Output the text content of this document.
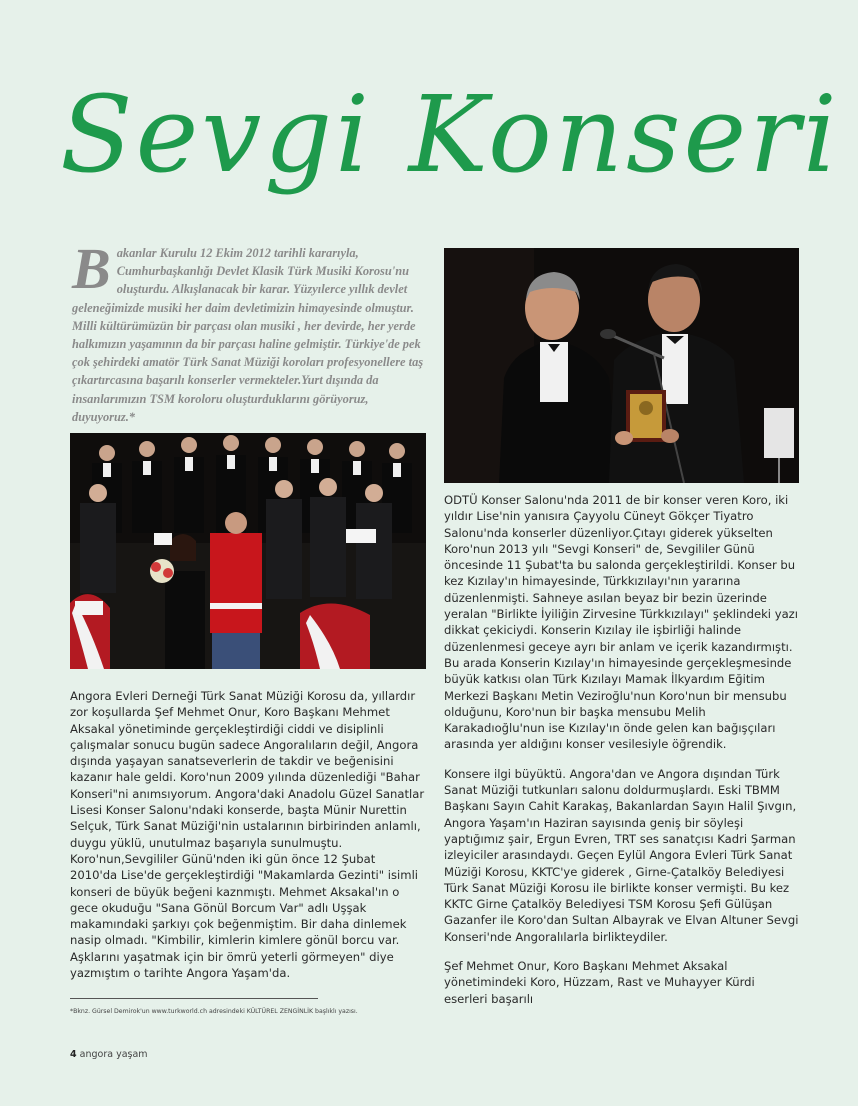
Sevgi Konseri
Bakanlar Kurulu 12 Ekim 2012 tarihli kararıyla, Cumhurbaşkanlığı Devlet Klasik Türk Musiki Korosu'nu oluşturdu. Alkışlanacak bir karar. Yüzyılerce yıllık devlet geleneğimizde musiki her daim devletimizin himayesinde olmuştur. Milli kültürümüzün bir parçası olan musiki , her devirde, her yerde halkımızın yaşamının da bir parçası haline gelmiştir. Türkiye'de pek çok şehirdeki amatör Türk Sanat Müziği koroları profesyonellere taş çıkartırcasına başarılı konserler vermekteler.Yurt dışında da insanlarımızın TSM koroloru oluşturduklarını görüyoruz, duyuyoruz.*

Angora Evleri Derneği Türk Sanat Müziği Korosu da, yıllardır zor koşullarda Şef Mehmet Onur, Koro Başkanı Mehmet Aksakal yönetiminde gerçekleştirdiği ciddi ve disiplinli çalışmalar sonucu bugün sadece Angoralıların değil, Angora dışında yaşayan sanatseverlerin de takdir ve beğenisini kazanır hale geldi. Koro'nun 2009 yılında düzenlediği "Bahar Konseri"ni anımsıyorum. Angora'daki Anadolu Güzel Sanatlar Lisesi Konser Salonu'ndaki konserde, başta Münir Nurettin Selçuk, Türk Sanat Müziği'nin ustalarının birbirinden anlamlı, duygu yüklü, unutulmaz başarıyla sunulmuştu. Koro'nun,Sevgililer Günü'nden iki gün önce 12 Şubat 2010'da Lise'de gerçekleştirdiği "Makamlarda Gezinti" isimli konseri de büyük beğeni kaznmıştı. Mehmet Aksakal'ın o gece okuduğu "Sana Gönül Borcum Var" adlı Uşşak makamındaki şarkıyı çok beğenmiştim. Bir daha dinlemek nasip olmadı. "Kimbilir, kimlerin kimlere gönül borcu var. Aşklarını yaşatmak için bir ömrü yeterli görmeyen" diye yazmıştım o tarihte Angora Yaşam'da.

ODTÜ Konser Salonu'nda 2011 de bir konser veren Koro, iki yıldır Lise'nin yanısıra Çayyolu Cüneyt Gökçer Tiyatro Salonu'nda konserler düzenliyor.Çıtayı giderek yükselten Koro'nun 2013 yılı "Sevgi Konseri" de, Sevgililer Günü öncesinde 11 Şubat'ta bu salonda gerçekleştirildi. Konser bu kez Kızılay'ın himayesinde, Türkkızılayı'nın yararına düzenlenmişti. Sahneye asılan beyaz bir bezin üzerinde yeralan "Birlikte İyiliğin Zirvesine Türkkızılayı" şeklindeki yazı dikkat çekiciydi. Konserin Kızılay ile işbirliği halinde düzenlenmesi geceye ayrı bir anlam ve içerik kazandırmıştı. Bu arada Konserin Kızılay'ın himayesinde gerçekleşmesinde büyük katkısı olan Türk Kızılayı Mamak İlkyardım Eğitim Merkezi Başkanı Metin Veziroğlu'nun Koro'nun bir mensubu olduğunu, Koro'nun bir başka mensubu Melih Karakadıoğlu'nun ise Kızılay'ın önde gelen kan bağışçıları arasında yer aldığını konser vesilesiyle öğrendik.

Konsere ilgi büyüktü. Angora'dan ve Angora dışından Türk Sanat Müziği tutkunları salonu doldurmuşlardı. Eski TBMM Başkanı Sayın Cahit Karakaş, Bakanlardan Sayın Halil Şıvgın, Angora Yaşam'ın Haziran sayısında geniş bir söyleşi yaptığımız şair, Ergun Evren, TRT ses sanatçısı Kadri Şarman izleyiciler arasındaydı. Geçen Eylül Angora Evleri Türk Sanat Müziği Korosu, KKTC'ye giderek , Girne-Çatalköy Belediyesi Türk Sanat Müziği Korosu ile birlikte konser vermişti. Bu kez KKTC Girne Çatalköy Belediyesi TSM Korosu Şefi Gülüşan Gazanfer ile Koro'dan Sultan Albayrak ve Elvan Altuner Sevgi Konseri'nde Angoralılarla birlikteydiler.

Şef Mehmet Onur, Koro Başkanı Mehmet Aksakal yönetimindeki Koro, Hüzzam, Rast ve Muhayyer Kürdi eserleri başarılı

*Bknz. Gürsel Demirok'un www.turkworld.ch adresindeki KÜLTÜREL ZENGİNLİK başlıklı yazısı.
4 angora yaşam
